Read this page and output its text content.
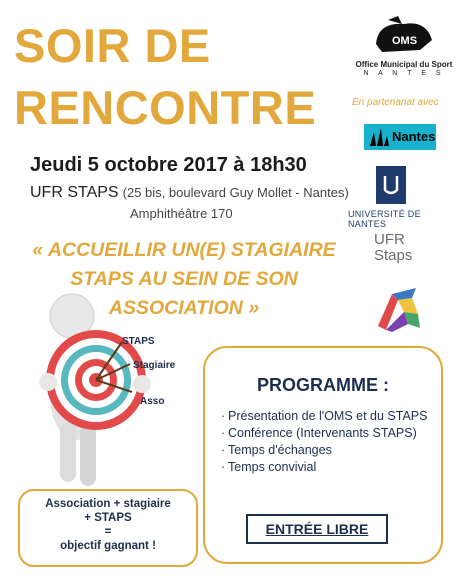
SOIR DE
RENCONTRE
Jeudi 5 octobre 2017 à 18h30
UFR STAPS (25 bis, boulevard Guy Mollet - Nantes)
Amphithéâtre 170
« ACCUEILLIR UN(E) STAGIAIRE
STAPS AU SEIN DE SON
ASSOCIATION »
OMS
Office Municipal du Sport
N A N T E S
En partenanat avec
Nantes
UNIVERSITÉ DE NANTES
UFR
Staps
STAPS
Stagiaire
Asso
PROGRAMME :
· Présentation de l'OMS et du STAPS
· Conférence (Intervenants STAPS)
· Temps d'échanges
· Temps convivial
ENTRÉE LIBRE
Association + stagiaire
+ STAPS
=
objectif gagnant !
